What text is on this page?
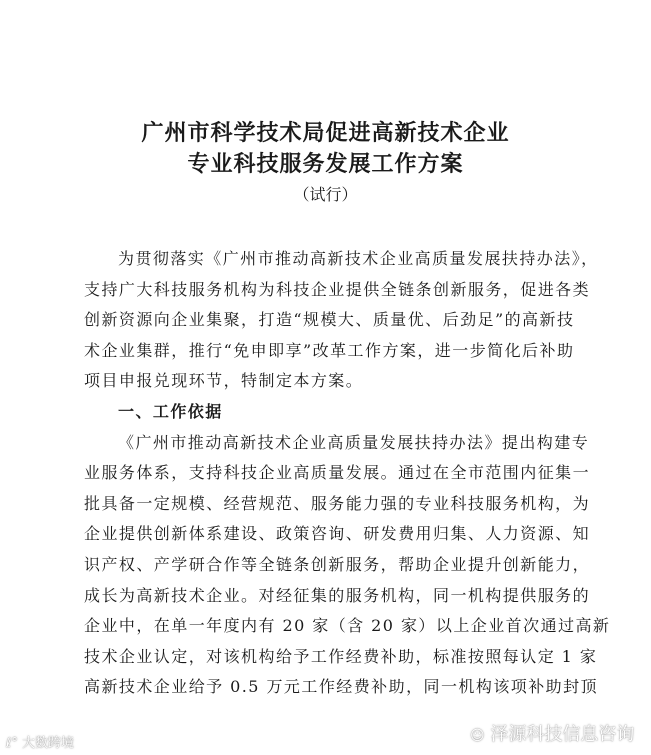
广州市科学技术局促进高新技术企业
专业科技服务发展工作方案
（试行）
为贯彻落实《广州市推动高新技术企业高质量发展扶持办法》，
支持广大科技服务机构为科技企业提供全链条创新服务，促进各类
创新资源向企业集聚，打造“规模大、质量优、后劲足”的高新技
术企业集群，推行“免申即享”改革工作方案，进一步简化后补助
项目申报兑现环节，特制定本方案。
一、工作依据
《广州市推动高新技术企业高质量发展扶持办法》提出构建专
业服务体系，支持科技企业高质量发展。通过在全市范围内征集一
批具备一定规模、经营规范、服务能力强的专业科技服务机构，为
企业提供创新体系建设、政策咨询、研发费用归集、人力资源、知
识产权、产学研合作等全链条创新服务，帮助企业提升创新能力，
成长为高新技术企业。对经征集的服务机构，同一机构提供服务的
企业中，在单一年度内有 20 家（含 20 家）以上企业首次通过高新
技术企业认定，对该机构给予工作经费补助，标准按照每认定 1 家
高新技术企业给予 0.5 万元工作经费补助，同一机构该项补助封顶
☺ 泽源科技信息咨询
ℓ° 大数跨境
